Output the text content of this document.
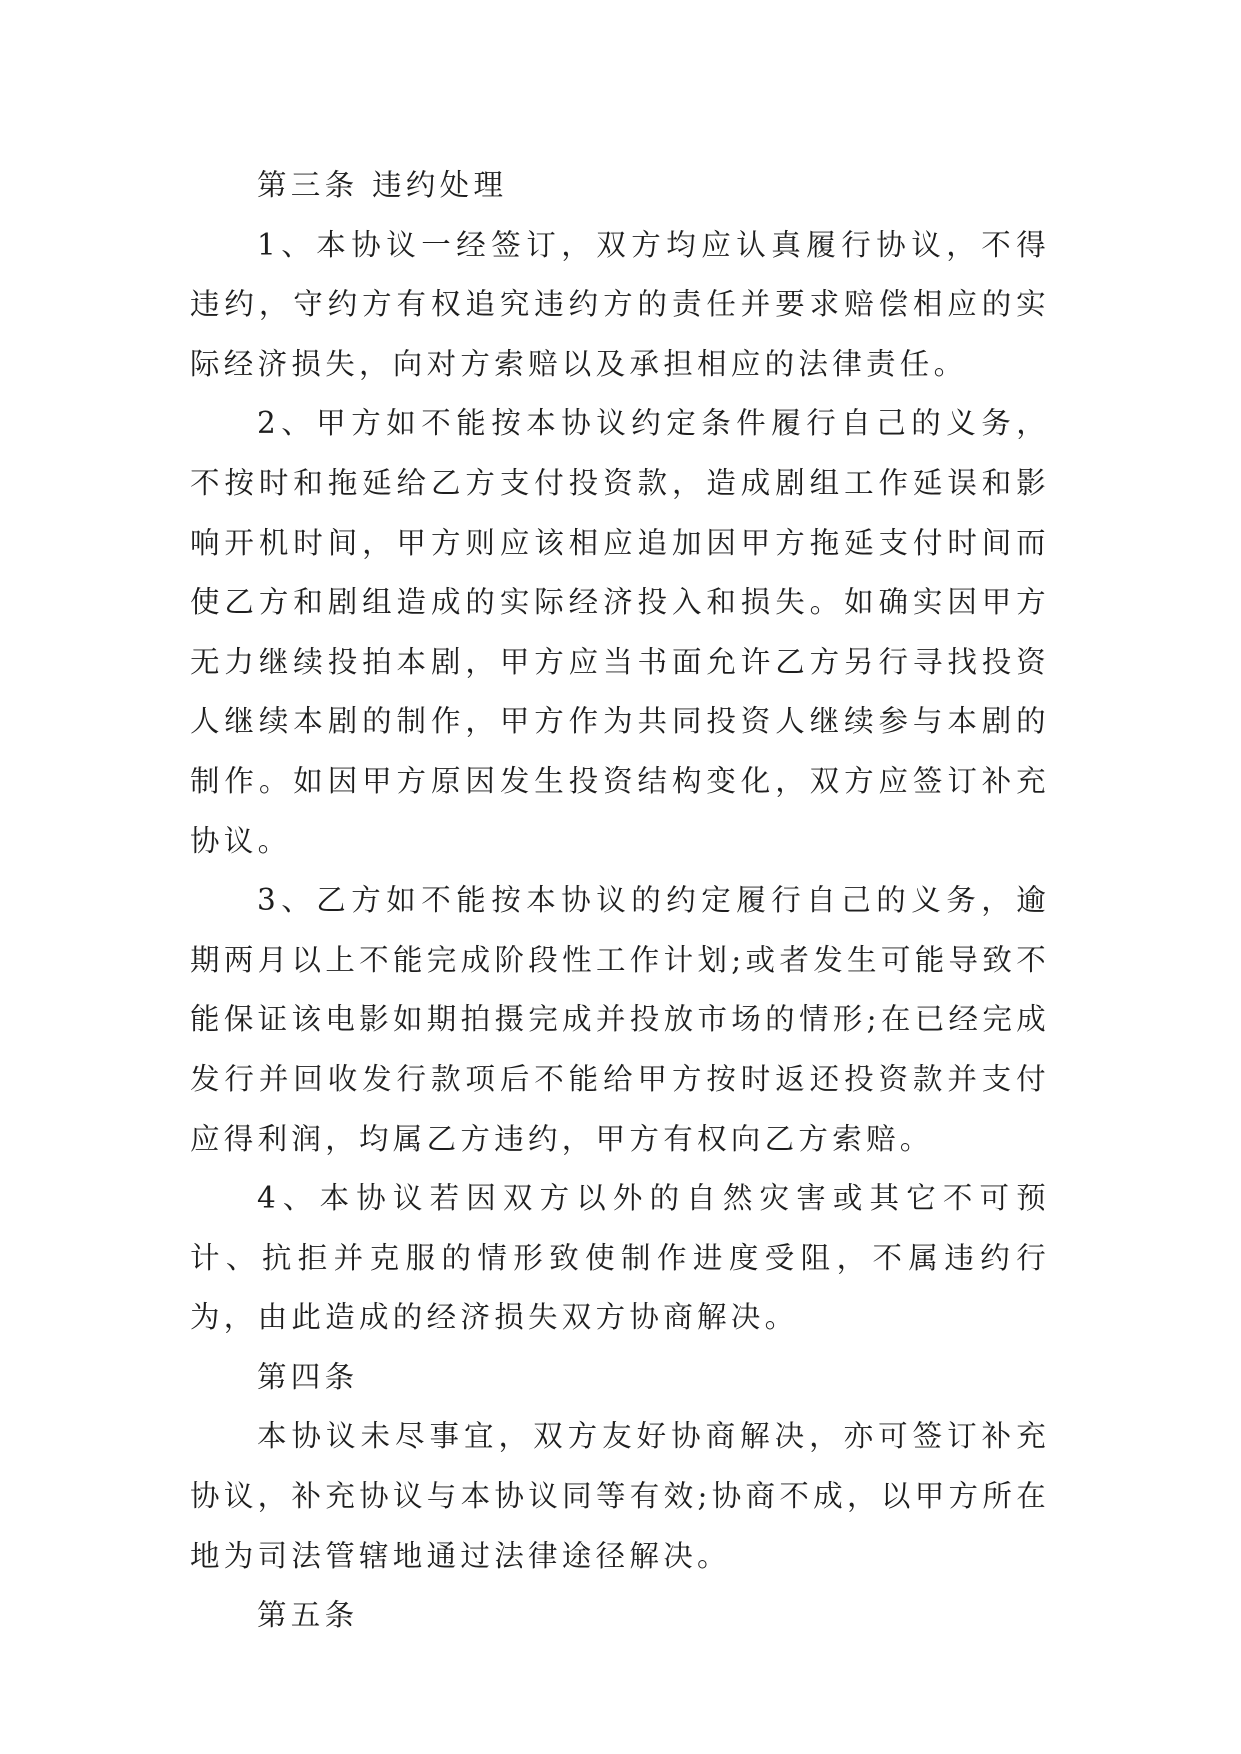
第三条 违约处理

1、本协议一经签订，双方均应认真履行协议，不得违约，守约方有权追究违约方的责任并要求赔偿相应的实际经济损失，向对方索赔以及承担相应的法律责任。

2、甲方如不能按本协议约定条件履行自己的义务，不按时和拖延给乙方支付投资款，造成剧组工作延误和影响开机时间，甲方则应该相应追加因甲方拖延支付时间而使乙方和剧组造成的实际经济投入和损失。如确实因甲方无力继续投拍本剧，甲方应当书面允许乙方另行寻找投资人继续本剧的制作，甲方作为共同投资人继续参与本剧的制作。如因甲方原因发生投资结构变化，双方应签订补充协议。

3、乙方如不能按本协议的约定履行自己的义务，逾期两月以上不能完成阶段性工作计划;或者发生可能导致不能保证该电影如期拍摄完成并投放市场的情形;在已经完成发行并回收发行款项后不能给甲方按时返还投资款并支付应得利润，均属乙方违约，甲方有权向乙方索赔。

4、本协议若因双方以外的自然灾害或其它不可预计、抗拒并克服的情形致使制作进度受阻，不属违约行为，由此造成的经济损失双方协商解决。

第四条

本协议未尽事宜，双方友好协商解决，亦可签订补充协议，补充协议与本协议同等有效;协商不成，以甲方所在地为司法管辖地通过法律途径解决。

第五条
